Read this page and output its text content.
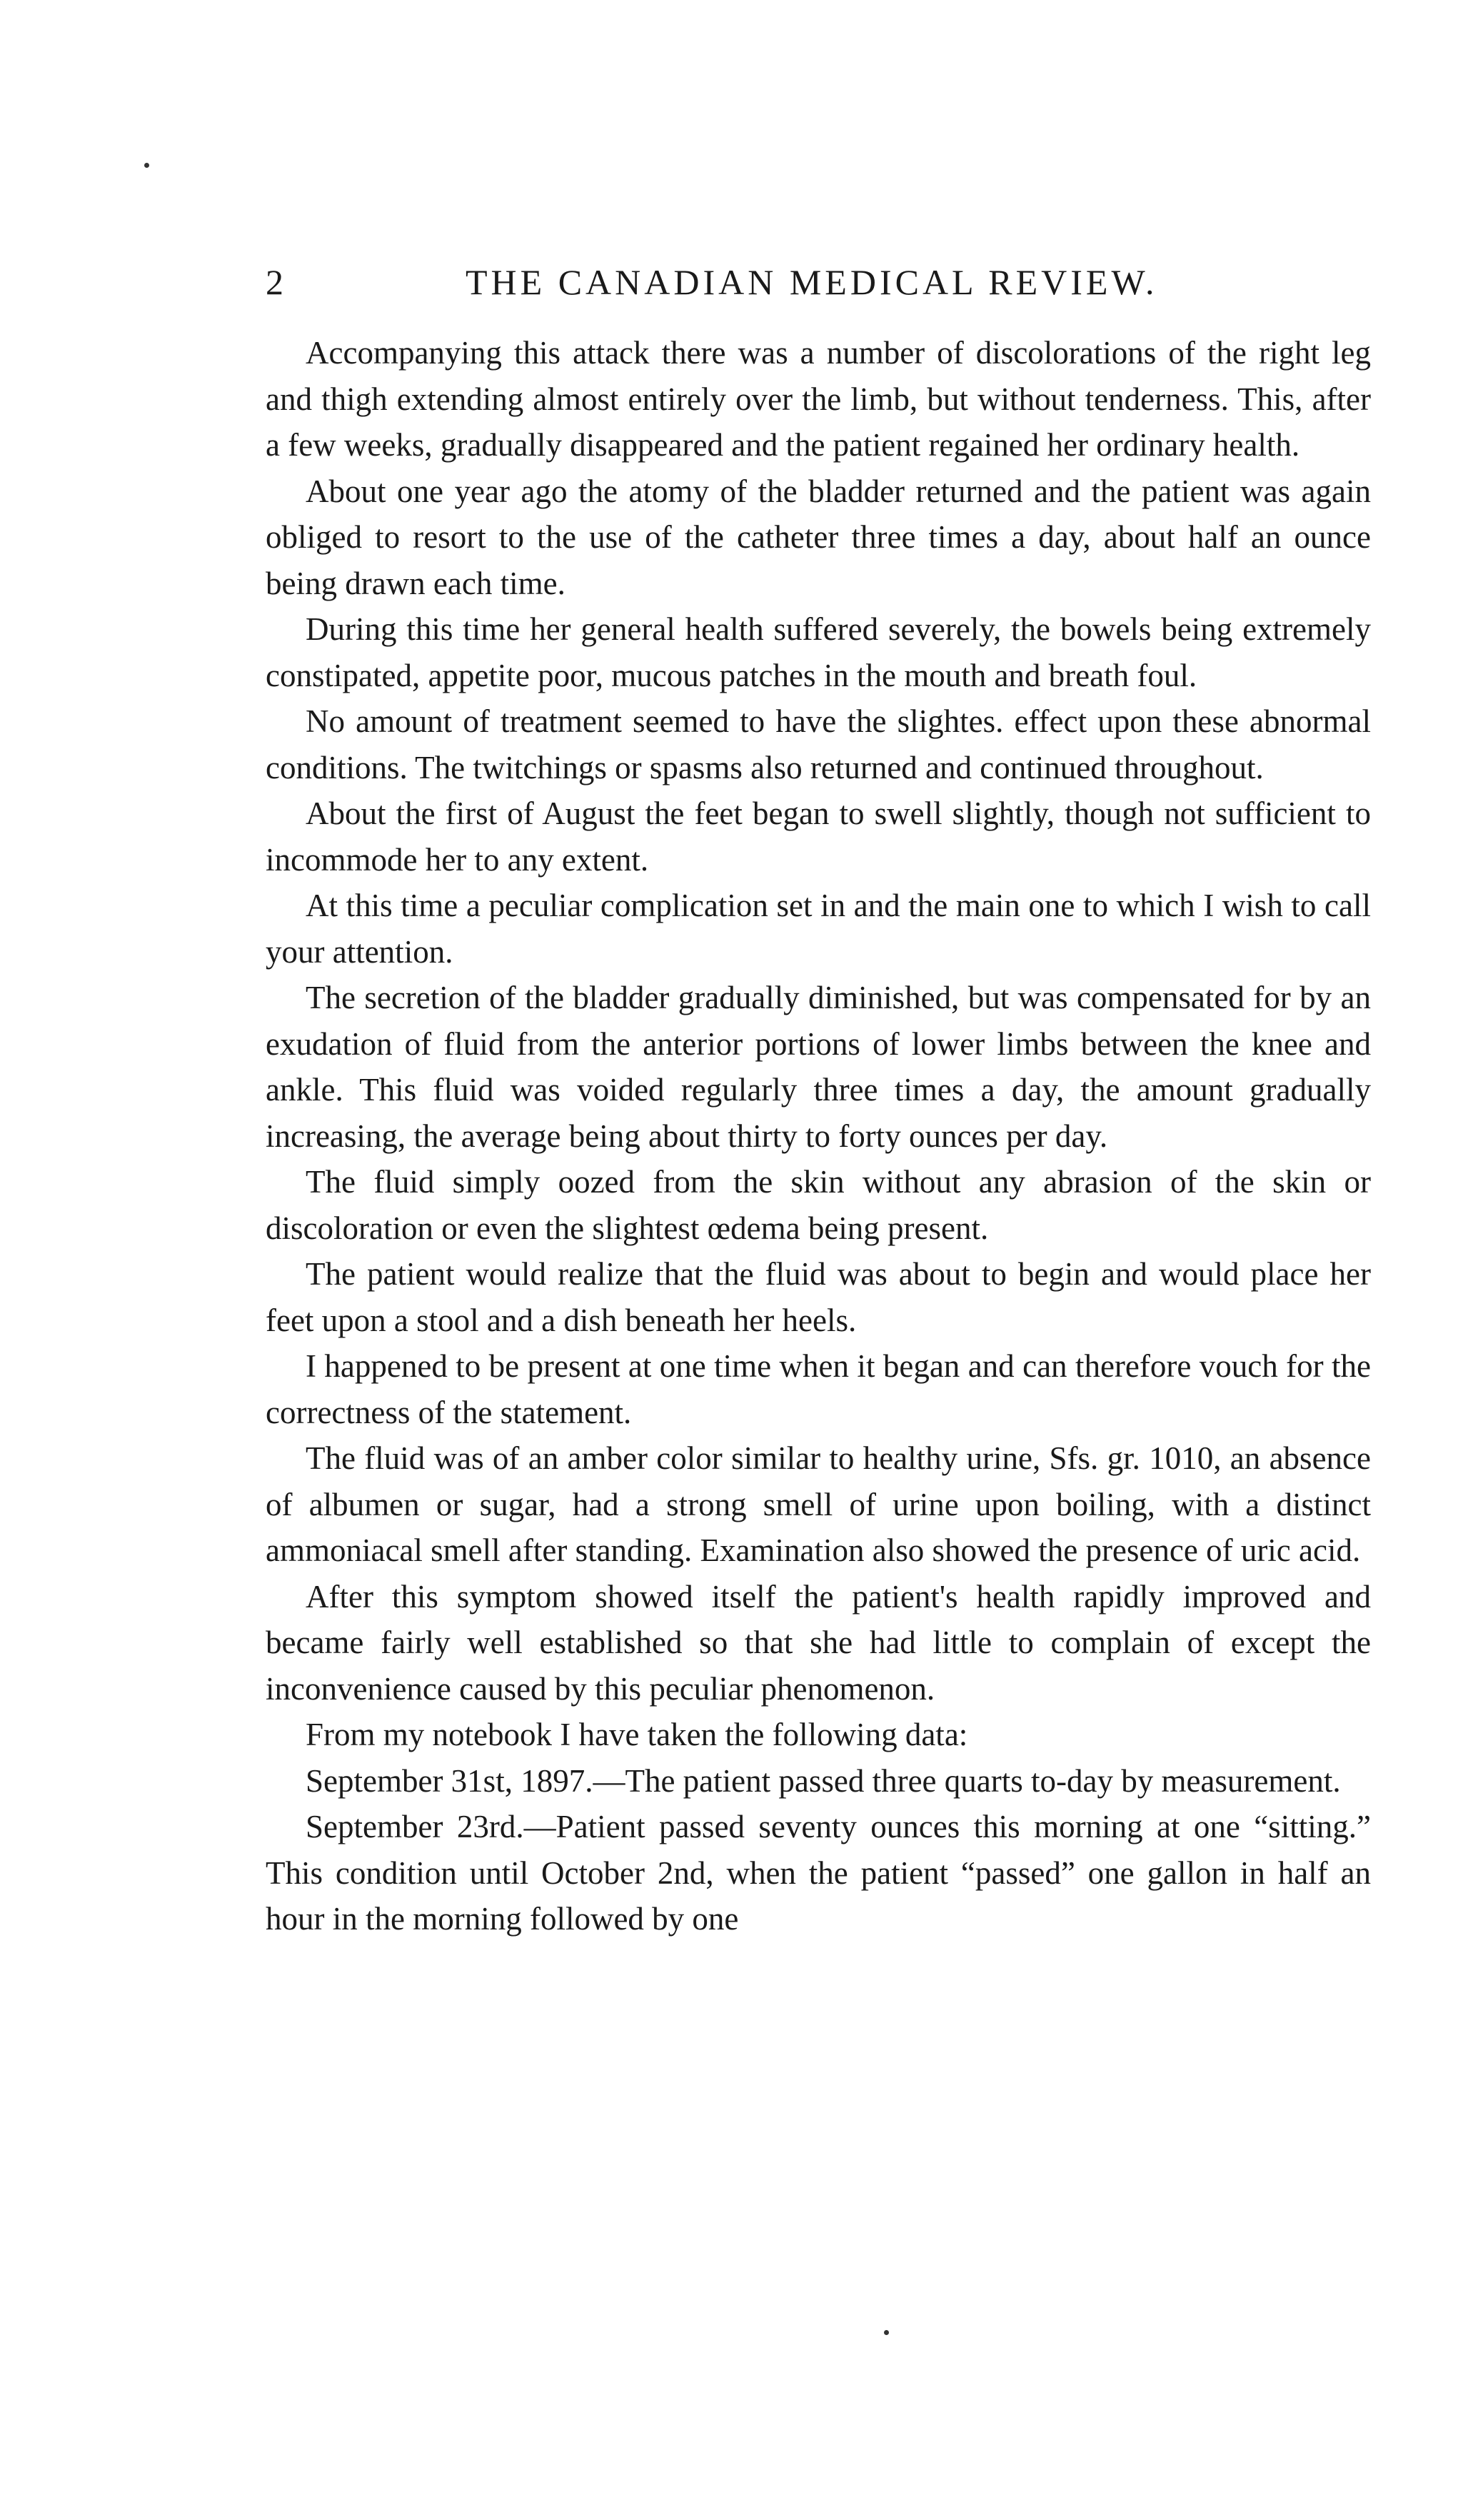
2	THE CANADIAN MEDICAL REVIEW.

Accompanying this attack there was a number of discolorations of the right leg and thigh extending almost entirely over the limb, but without tenderness. This, after a few weeks, gradually disappeared and the patient regained her ordinary health.

About one year ago the atomy of the bladder returned and the patient was again obliged to resort to the use of the catheter three times a day, about half an ounce being drawn each time.

During this time her general health suffered severely, the bowels being extremely constipated, appetite poor, mucous patches in the mouth and breath foul.

No amount of treatment seemed to have the slightes. effect upon these abnormal conditions. The twitchings or spasms also returned and continued throughout.

About the first of August the feet began to swell slightly, though not sufficient to incommode her to any extent.

At this time a peculiar complication set in and the main one to which I wish to call your attention.

The secretion of the bladder gradually diminished, but was compensated for by an exudation of fluid from the anterior portions of lower limbs between the knee and ankle. This fluid was voided regularly three times a day, the amount gradually increasing, the average being about thirty to forty ounces per day.

The fluid simply oozed from the skin without any abrasion of the skin or discoloration or even the slightest œdema being present.

The patient would realize that the fluid was about to begin and would place her feet upon a stool and a dish beneath her heels.

I happened to be present at one time when it began and can therefore vouch for the correctness of the statement.

The fluid was of an amber color similar to healthy urine, Sfs. gr. 1010, an absence of albumen or sugar, had a strong smell of urine upon boiling, with a distinct ammoniacal smell after standing. Examination also showed the presence of uric acid.

After this symptom showed itself the patient's health rapidly improved and became fairly well established so that she had little to complain of except the inconvenience caused by this peculiar phenomenon.

From my notebook I have taken the following data:

September 31st, 1897.—The patient passed three quarts to-day by measurement.

September 23rd.—Patient passed seventy ounces this morning at one “sitting.” This condition until October 2nd, when the patient “passed” one gallon in half an hour in the morning followed by one
